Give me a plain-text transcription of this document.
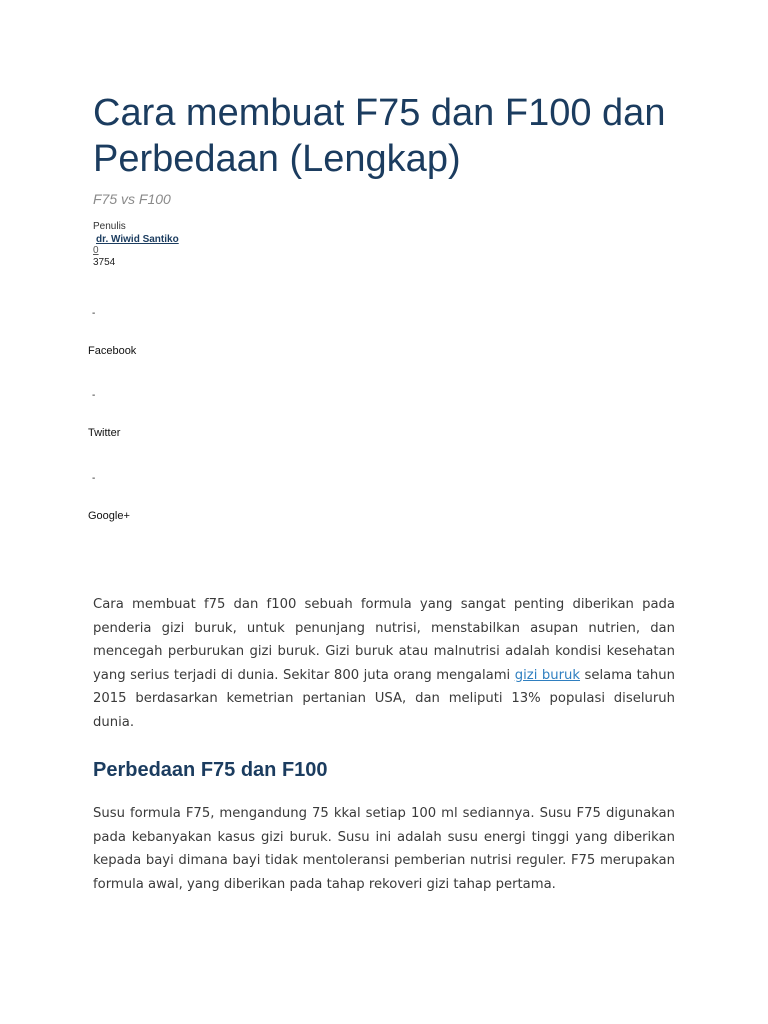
Cara membuat F75 dan F100 dan Perbedaan (Lengkap)
F75 vs F100
Penulis
dr. Wiwid Santiko
0
3754
-
Facebook
-
Twitter
-
Google+

Cara membuat f75 dan f100 sebuah formula yang sangat penting diberikan pada penderia gizi buruk, untuk penunjang nutrisi, menstabilkan asupan nutrien, dan mencegah perburukan gizi buruk. Gizi buruk atau malnutrisi adalah kondisi kesehatan yang serius terjadi di dunia. Sekitar 800 juta orang mengalami gizi buruk selama tahun 2015 berdasarkan kemetrian pertanian USA, dan meliputi 13% populasi diseluruh dunia.

Perbedaan F75 dan F100

Susu formula F75, mengandung 75 kkal setiap 100 ml sediannya. Susu F75 digunakan pada kebanyakan kasus gizi buruk. Susu ini adalah susu energi tinggi yang diberikan kepada bayi dimana bayi tidak mentoleransi pemberian nutrisi reguler. F75 merupakan formula awal, yang diberikan pada tahap rekoveri gizi tahap pertama.
